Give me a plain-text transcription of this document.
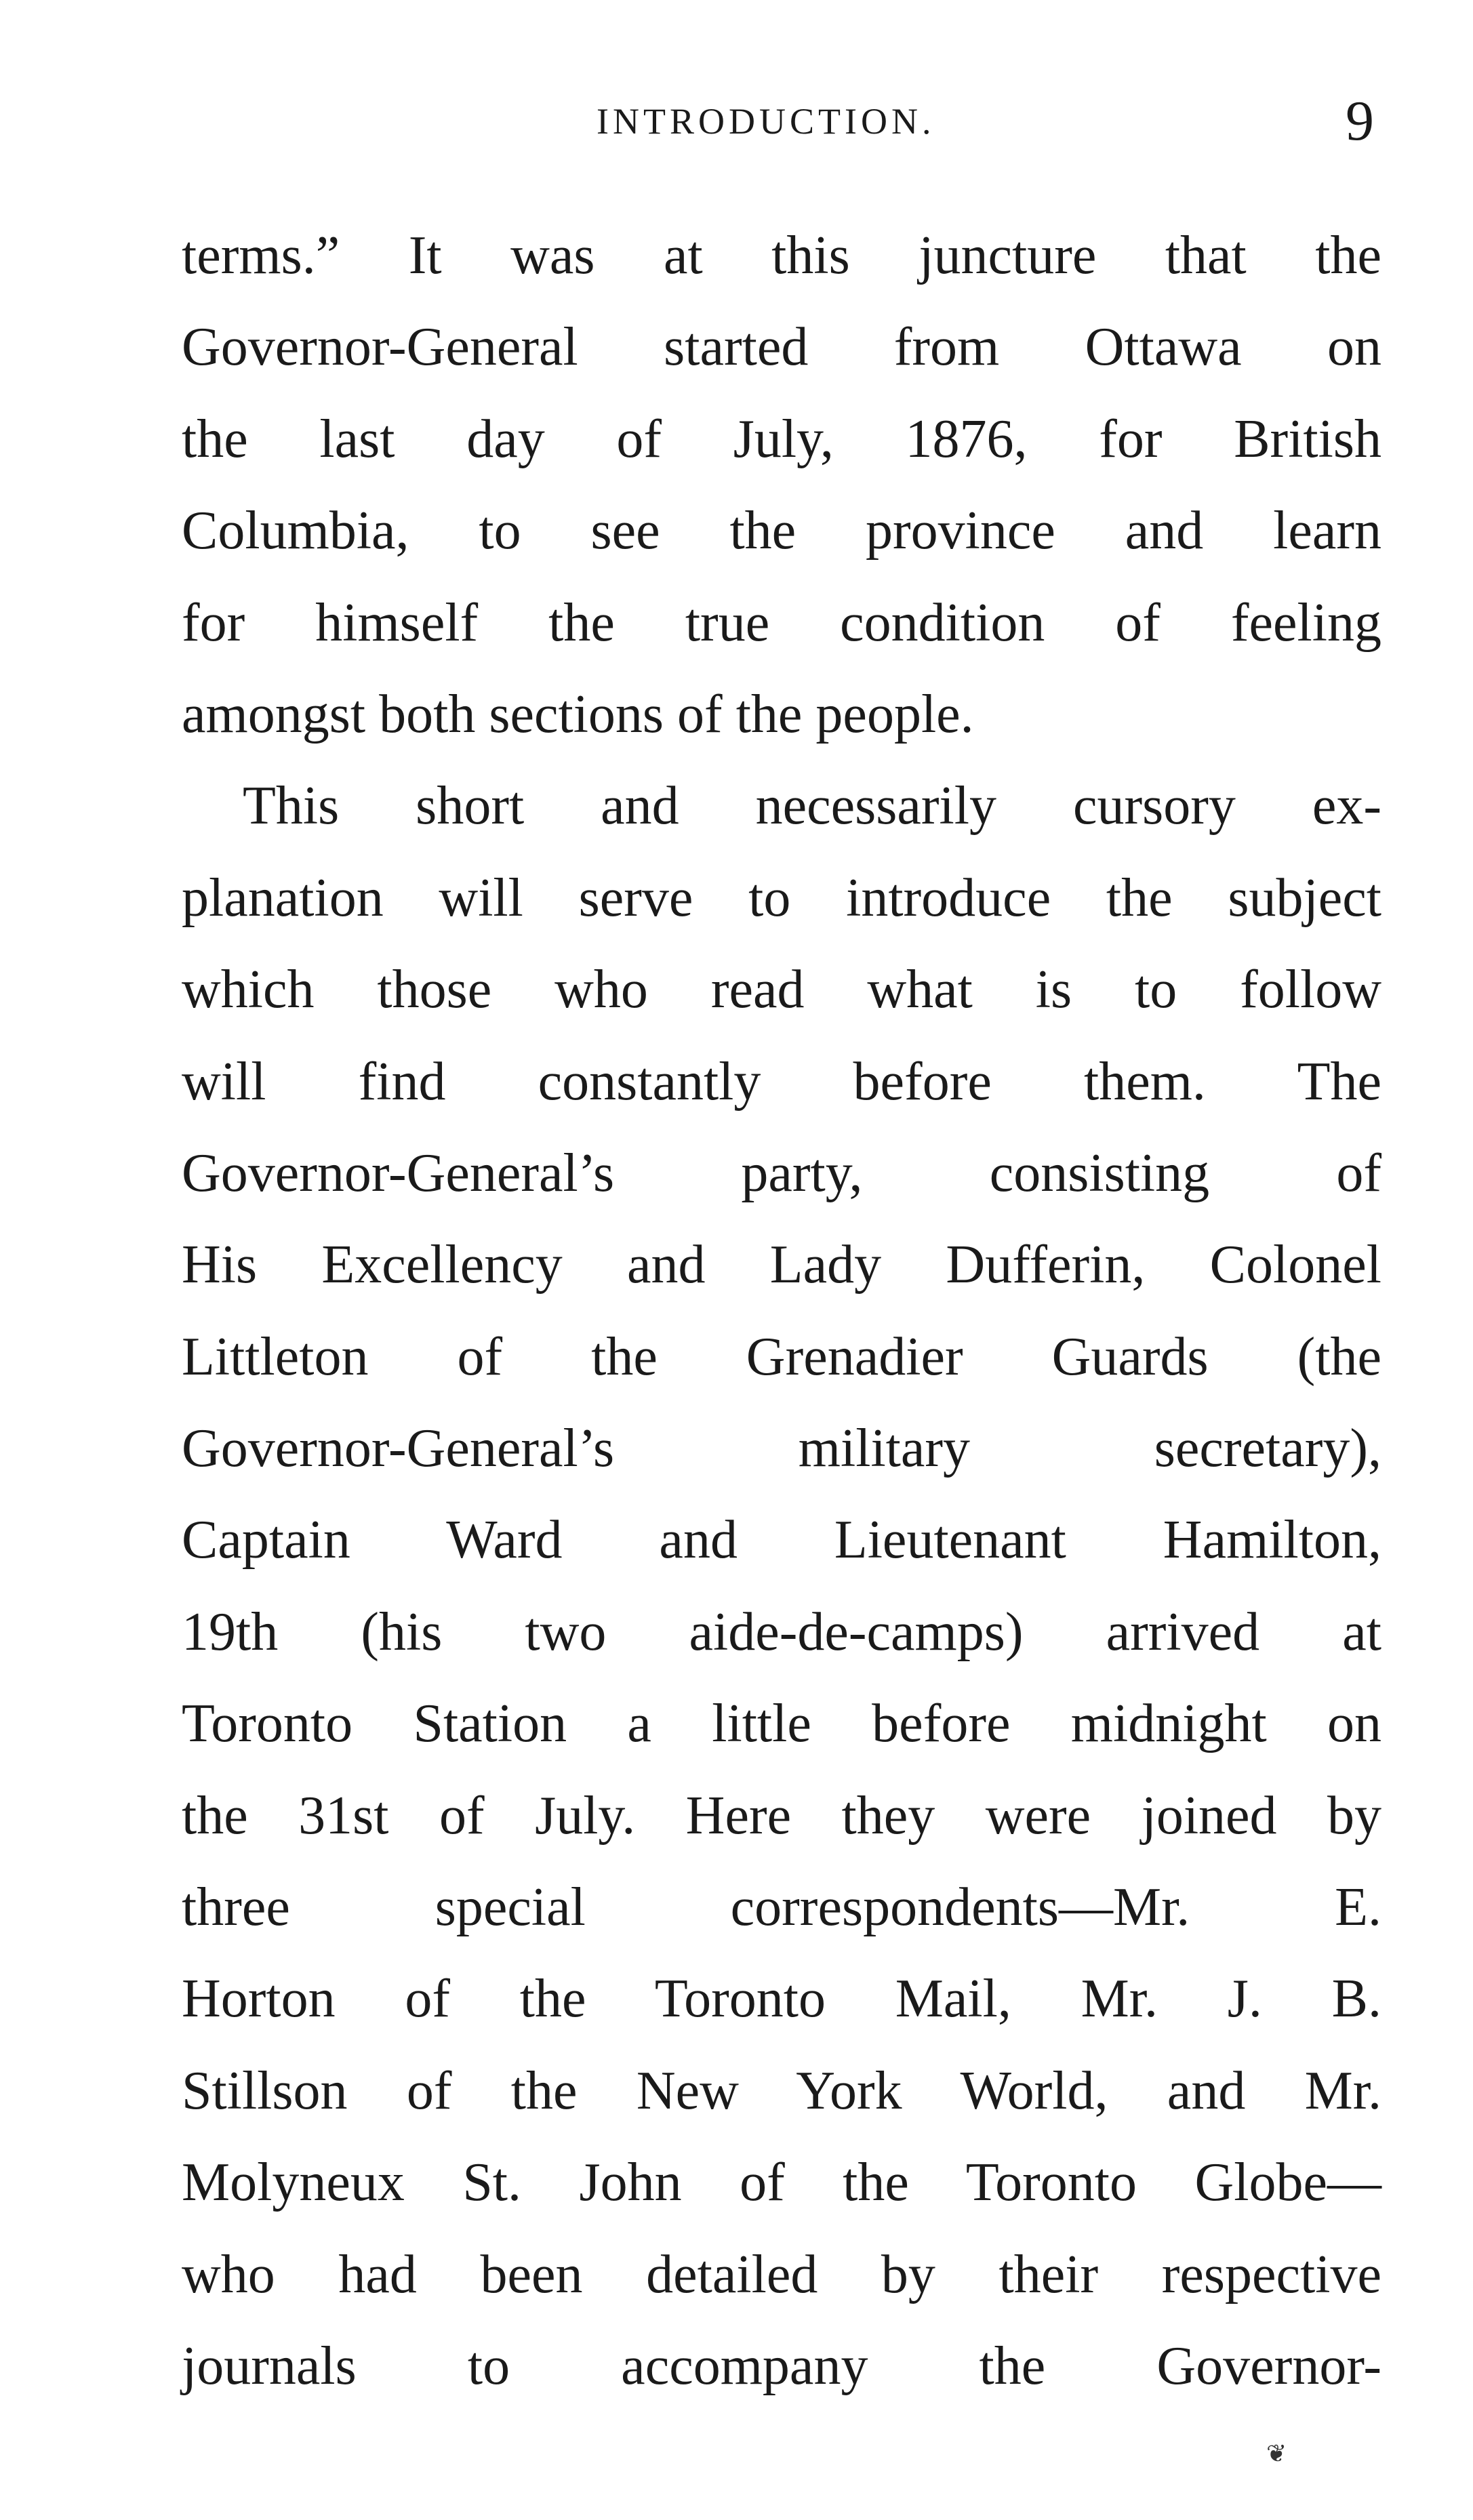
INTRODUCTION.	9
terms.” It was at this juncture that the
Governor-General started from Ottawa on
the last day of July, 1876, for British
Columbia, to see the province and learn
for himself the true condition of feeling
amongst both sections of the people.
This short and necessarily cursory ex-
planation will serve to introduce the subject
which those who read what is to follow
will find constantly before them. The
Governor-General’s party, consisting of
His Excellency and Lady Dufferin, Colonel
Littleton of the Grenadier Guards (the
Governor-General’s military secretary),
Captain Ward and Lieutenant Hamilton,
19th (his two aide-de-camps) arrived at
Toronto Station a little before midnight on
the 31st of July. Here they were joined by
three special correspondents—Mr. E.
Horton of the Toronto Mail, Mr. J. B.
Stillson of the New York World, and Mr.
Molyneux St. John of the Toronto Globe—
who had been detailed by their respective
journals to accompany the Governor-
❦
